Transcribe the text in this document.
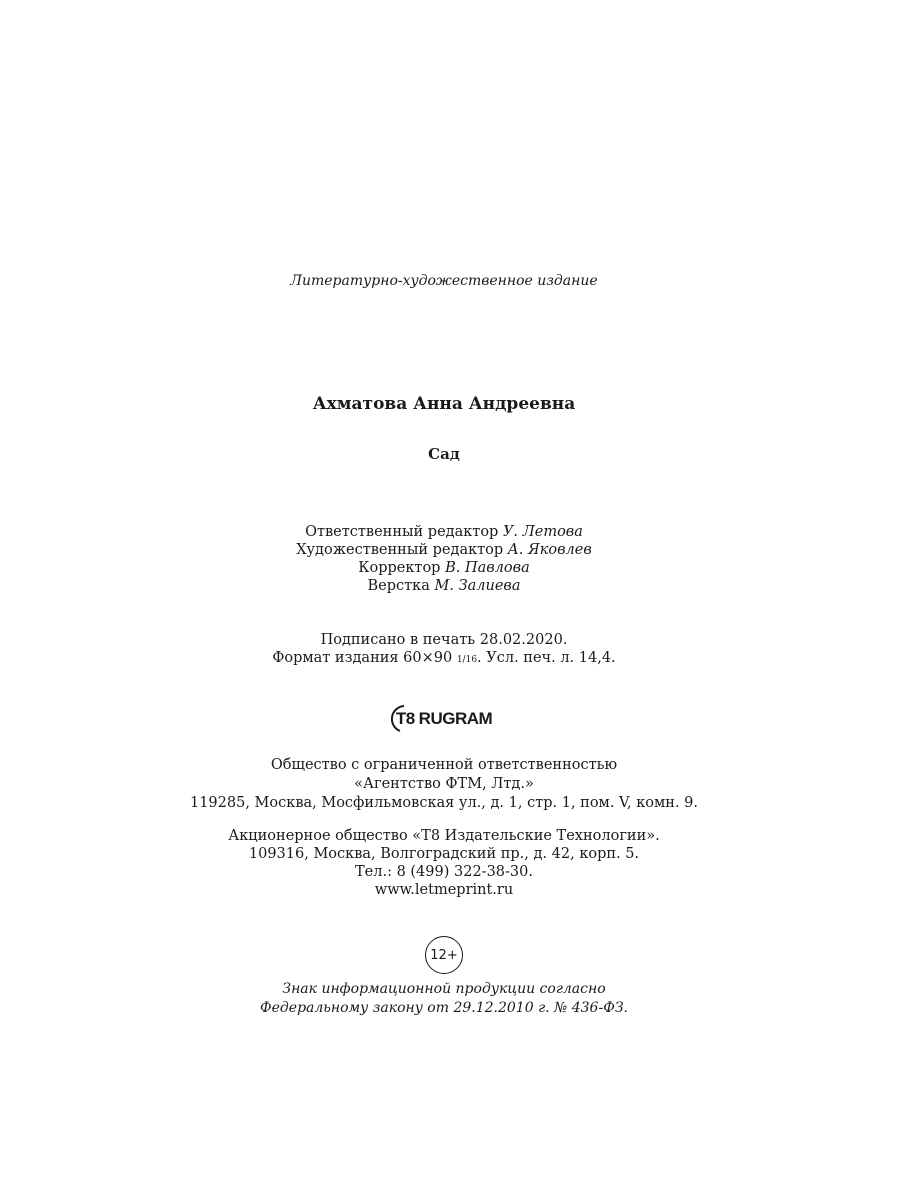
Литературно-художественное издание
Ахматова Анна Андреевна
Сад
Ответственный редактор У. Летова
Художественный редактор А. Яковлев
Корректор В. Павлова
Верстка М. Залиева
Подписано в печать 28.02.2020.
Формат издания 60×90 1/16. Усл. печ. л. 14,4.
T8 RUGRAM
Общество с ограниченной ответственностью
«Агентство ФТМ, Лтд.»
119285, Москва, Мосфильмовская ул., д. 1, стр. 1, пом. V, комн. 9.
Акционерное общество «Т8 Издательские Технологии».
109316, Москва, Волгоградский пр., д. 42, корп. 5.
Тел.: 8 (499) 322-38-30.
www.letmeprint.ru
12+
Знак информационной продукции согласно
Федеральному закону от 29.12.2010 г. № 436-ФЗ.
